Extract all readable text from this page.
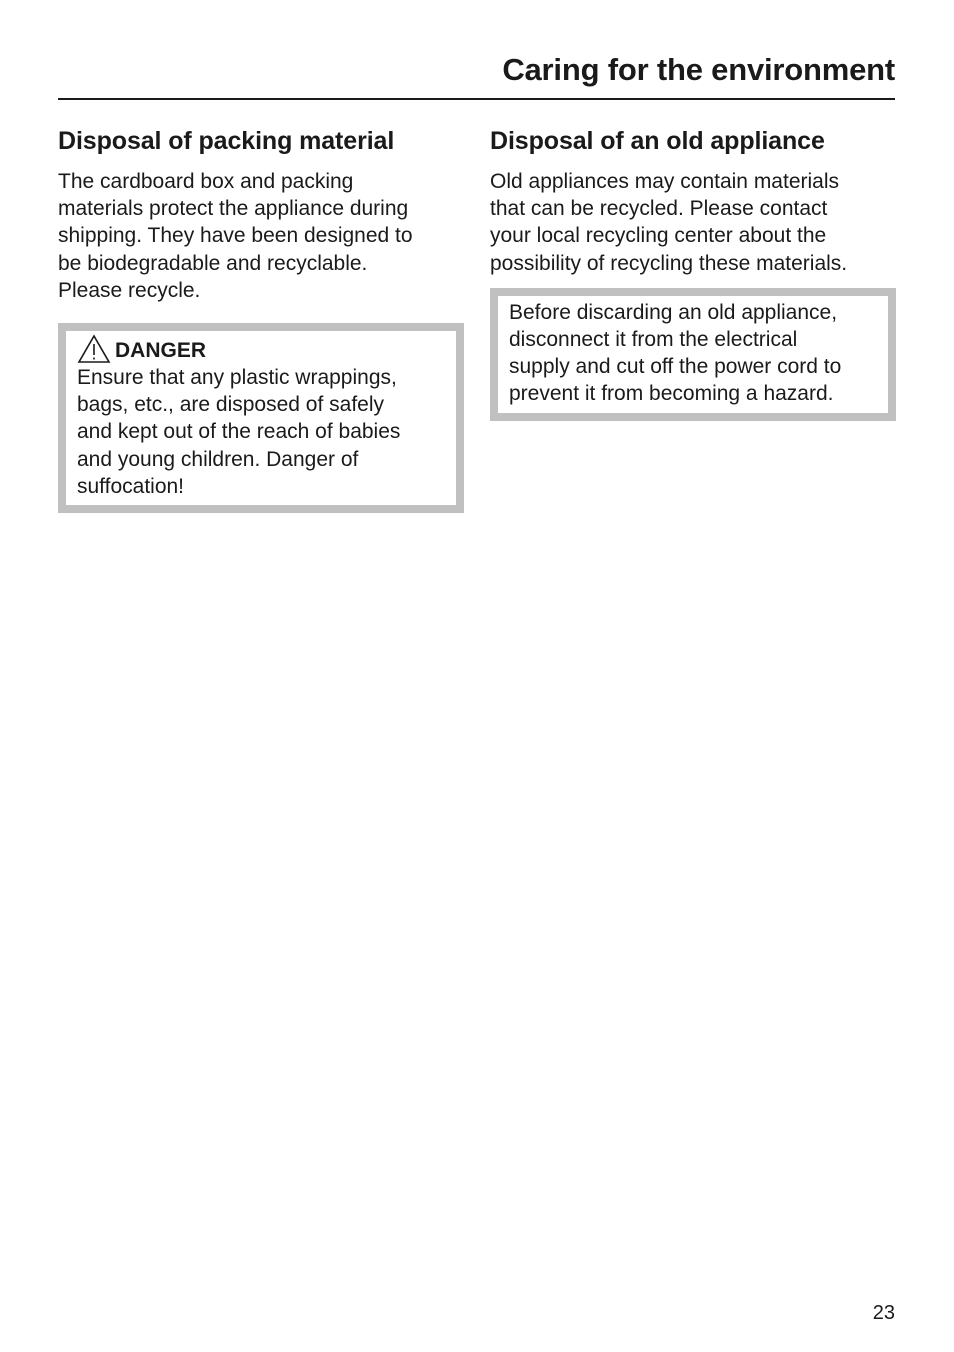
Caring for the environment
Disposal of packing material

The cardboard box and packing
materials protect the appliance during
shipping. They have been designed to
be biodegradable and recyclable.
Please recycle.

DANGER

Ensure that any plastic wrappings,
bags, etc., are disposed of safely
and kept out of the reach of babies
and young children. Danger of
suffocation!

Disposal of an old appliance

Old appliances may contain materials
that can be recycled. Please contact
your local recycling center about the
possibility of recycling these materials.

Before discarding an old appliance,
disconnect it from the electrical
supply and cut off the power cord to
prevent it from becoming a hazard.

23
